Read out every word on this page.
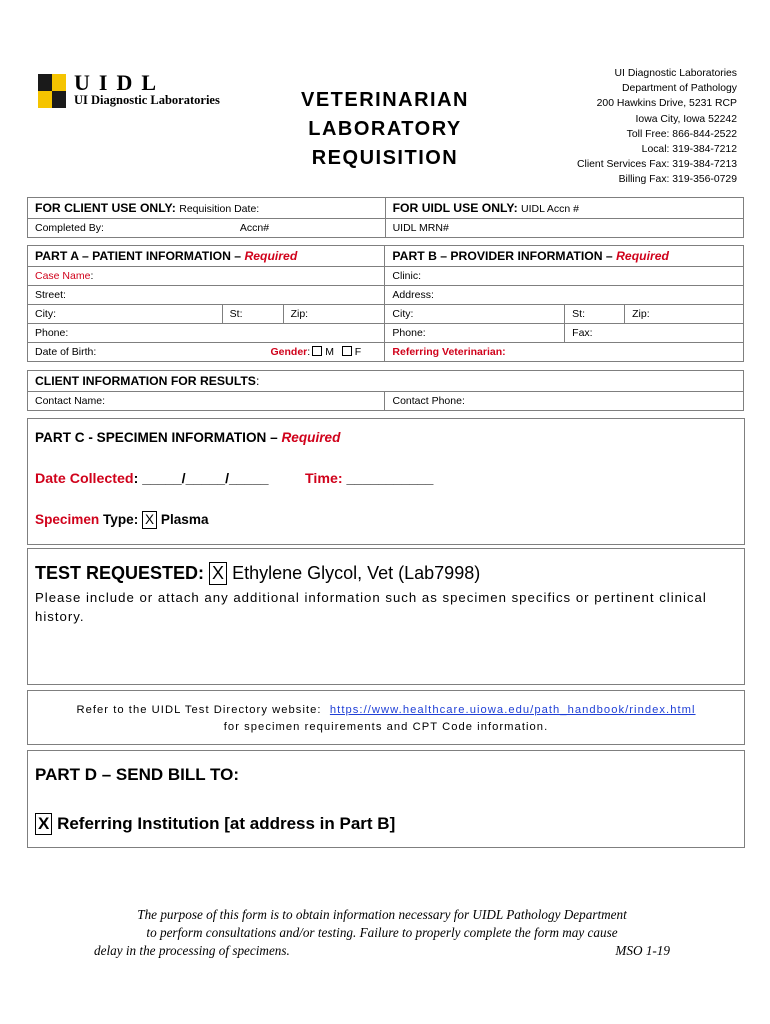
UIDL
UI Diagnostic Laboratories	VETERINARIAN
LABORATORY
REQUISITION
UI Diagnostic Laboratories
Department of Pathology
200 Hawkins Drive, 5231 RCP
Iowa City, Iowa 52242
Toll Free: 866-844-2522
Local: 319-384-7212
Client Services Fax: 319-384-7213
Billing Fax: 319-356-0729
FOR CLIENT USE ONLY: Requisition Date:	FOR UIDL USE ONLY: UIDL Accn #
Completed By: Accn#	UIDL MRN#
PART A – PATIENT INFORMATION – Required			PART B – PROVIDER INFORMATION – Required		
Case Name:			Clinic:		
Street:			Address:		
City:	St:	Zip:	City:	St:	Zip:
Phone:			Phone:	Fax:	
Date of Birth: Gender: M F			Referring Veterinarian:		
CLIENT INFORMATION FOR RESULTS:
Contact Name:	Contact Phone:
PART C - SPECIMEN INFORMATION – Required
Date Collected: _____/_____/_____	Time: ___________
Specimen Type: X Plasma
TEST REQUESTED: X Ethylene Glycol, Vet (Lab7998)
Please include or attach any additional information such as specimen specifics or pertinent clinical history.
Refer to the UIDL Test Directory website: https://www.healthcare.uiowa.edu/path_handbook/rindex.html
for specimen requirements and CPT Code information.
PART D – SEND BILL TO:
X Referring Institution [at address in Part B]
The purpose of this form is to obtain information necessary for UIDL Pathology Department
to perform consultations and/or testing. Failure to properly complete the form may cause
delay in the processing of specimens.	MSO 1-19
